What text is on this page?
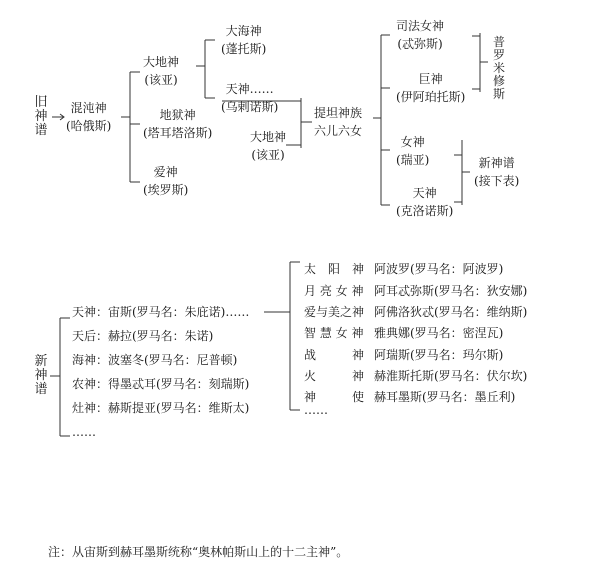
旧神谱
混沌神
(哈俄斯)
大地神
(该亚)
地狱神
(塔耳塔洛斯)
爱神
(埃罗斯)
大海神
(蓬托斯)
天神……
(乌剌诺斯)
大地神
(该亚)
提坦神族
六儿六女
司法女神
(忒弥斯)
巨神
(伊阿珀托斯)
女神
(瑞亚)
天神
(克洛诺斯)
普罗米修斯
新神谱
(接下表)
新神谱
天神：宙斯(罗马名：朱庇诺)……
天后：赫拉(罗马名：朱诺)
海神：波塞冬(罗马名：尼普顿)
农神：得墨忒耳(罗马名：刻瑞斯)
灶神：赫斯提亚(罗马名：维斯太)
……
太　阳　神 阿波罗(罗马名：阿波罗)
月 亮 女 神 阿耳忒弥斯(罗马名：狄安娜)
爱与美之神 阿佛洛狄忒(罗马名：维纳斯)
智 慧 女 神 雅典娜(罗马名：密涅瓦)
战　　　神 阿瑞斯(罗马名：玛尔斯)
火　　　神 赫淮斯托斯(罗马名：伏尔坎)
神　　　使 赫耳墨斯(罗马名：墨丘利)
……
注：从宙斯到赫耳墨斯统称“奥林帕斯山上的十二主神”。
